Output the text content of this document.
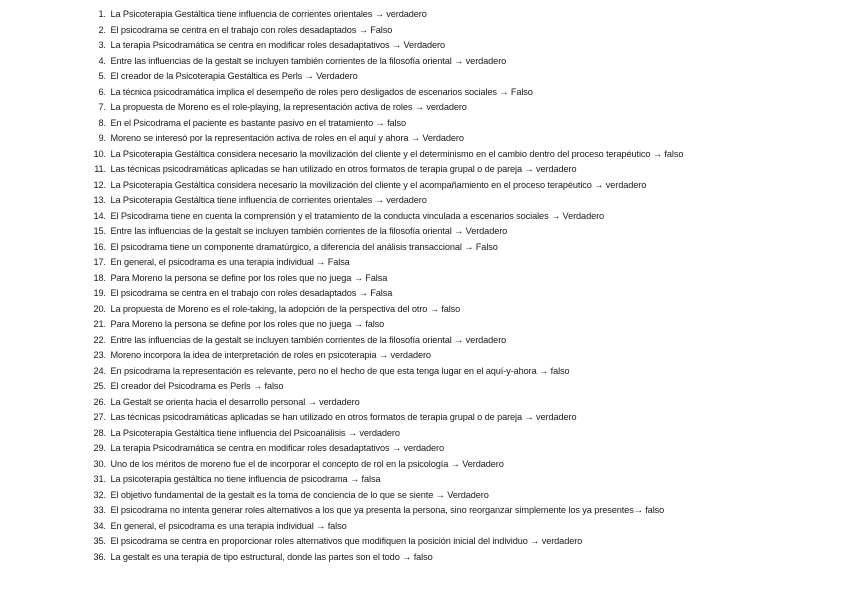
1. La Psicoterapia Gestáltica tiene influencia de corrientes orientales → verdadero
2. El psicodrama se centra en el trabajo con roles desadaptados → Falso
3. La terapia Psicodramática se centra en modificar roles desadaptativos → Verdadero
4. Entre las influencias de la gestalt se incluyen también corrientes de la filosofía oriental → verdadero
5. El creador de la Psicoterapia Gestáltica es Perls → Verdadero
6. La técnica psicodramática implica el desempeño de roles pero desligados de escenarios sociales → Falso
7. La propuesta de Moreno es el role-playing, la representación activa de roles → verdadero
8. En el Psicodrama el paciente es bastante pasivo en el tratamiento → falso
9. Moreno se interesó por la representación activa de roles en el aquí y ahora → Verdadero
10. La Psicoterapia Gestáltica considera necesario la movilización del cliente y el determinismo en el cambio dentro del proceso terapéutico → falso
11. Las técnicas psicodramáticas aplicadas se han utilizado en otros formatos de terapia grupal o de pareja → verdadero
12. La Psicoterapia Gestáltica considera necesario la movilización del cliente y el acompañamiento en el proceso terapéutico → verdadero
13. La Psicoterapia Gestáltica tiene influencia de corrientes orientales → verdadero
14. El Psicodrama tiene en cuenta la comprensión y el tratamiento de la conducta vinculada a escenarios sociales → Verdadero
15. Entre las influencias de la gestalt se incluyen también corrientes de la filosofía oriental → Verdadero
16. El psicodrama tiene un componente dramatúrgico, a diferencia del análisis transaccional → Falso
17. En general, el psicodrama es una terapia individual → Falsa
18. Para Moreno la persona se define por los roles que no juega → Falsa
19. El psicodrama se centra en el trabajo con roles desadaptados → Falsa
20. La propuesta de Moreno es el role-taking, la adopción de la perspectiva del otro → falso
21. Para Moreno la persona se define por los roles que no juega → falso
22. Entre las influencias de la gestalt se incluyen también corrientes de la filosofía oriental → verdadero
23. Moreno incorpora la idea de interpretación de roles en psicoterapia → verdadero
24. En psicodrama la representación es relevante, pero no el hecho de que esta tenga lugar en el aquí-y-ahora → falso
25. El creador del Psicodrama es Perls → falso
26. La Gestalt se orienta hacia el desarrollo personal → verdadero
27. Las técnicas psicodramáticas aplicadas se han utilizado en otros formatos de terapia grupal o de pareja → verdadero
28. La Psicoterapia Gestáltica tiene influencia del Psicoanálisis → verdadero
29. La terapia Psicodramática se centra en modificar roles desadaptativos → verdadero
30. Uno de los méritos de moreno fue el de incorporar el concepto de rol en la psicología → Verdadero
31. La psicoterapia gestáltica no tiene influencia de psicodrama → falsa
32. El objetivo fundamental de la gestalt es la toma de conciencia de lo que se siente → Verdadero
33. El psicodrama no intenta generar roles alternativos a los que ya presenta la persona, sino reorganzar simplemente los ya presentes→ falso
34. En general, el psicodrama es una terapia individual → falso
35. El psicodrama se centra en proporcionar roles alternativos que modifiquen la posición inicial del individuo → verdadero
36. La gestalt es una terapia de tipo estructural, donde las partes son el todo → falso
